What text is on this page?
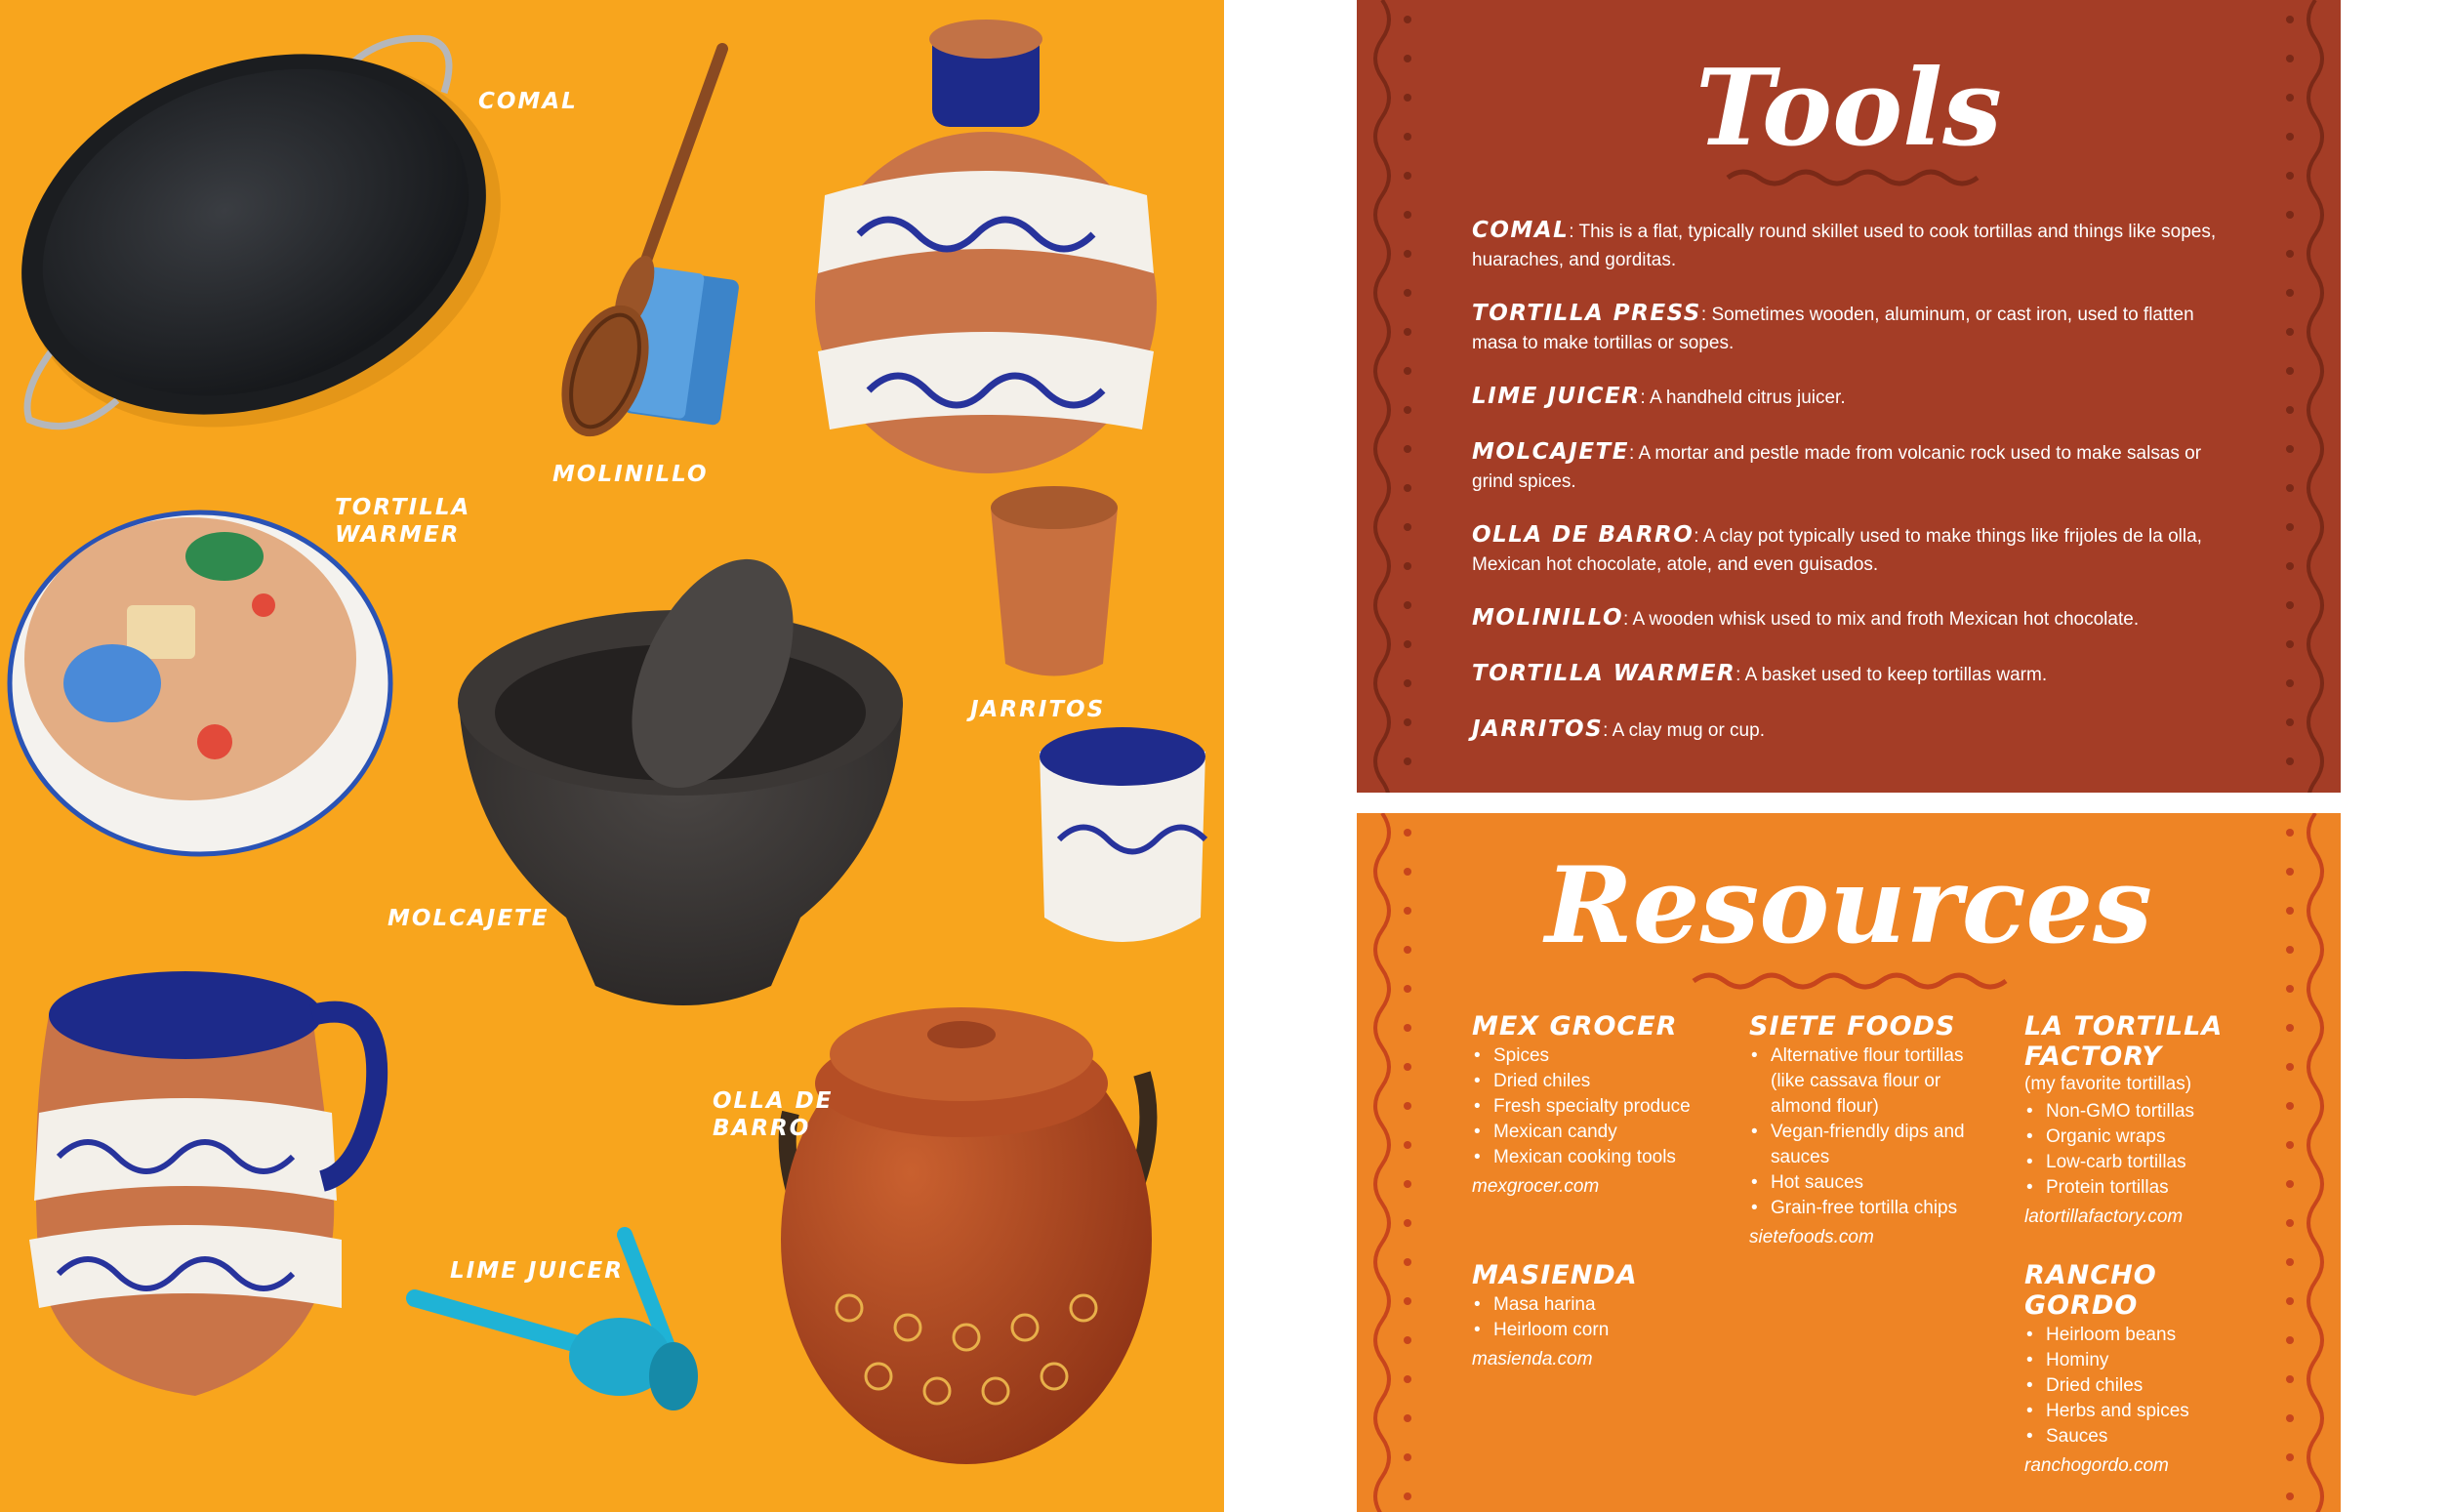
COMAL
MOLINILLO
TORTILLA
WARMER
JARRITOS
MOLCAJETE
OLLA DE
BARRO
LIME JUICER
Tools
COMAL: This is a flat, typically round skillet used to cook tortillas and things like sopes, huaraches, and gorditas.
TORTILLA PRESS: Sometimes wooden, aluminum, or cast iron, used to flatten masa to make tortillas or sopes.
LIME JUICER: A handheld citrus juicer.
MOLCAJETE: A mortar and pestle made from volcanic rock used to make salsas or grind spices.
OLLA DE BARRO: A clay pot typically used to make things like frijoles de la olla, Mexican hot chocolate, atole, and even guisados.
MOLINILLO: A wooden whisk used to mix and froth Mexican hot chocolate.
TORTILLA WARMER: A basket used to keep tortillas warm.
JARRITOS: A clay mug or cup.
Resources
MEX GROCER
• Spices
• Dried chiles
• Fresh specialty produce
• Mexican candy
• Mexican cooking tools
mexgrocer.com
SIETE FOODS
• Alternative flour tortillas (like cassava flour or almond flour)
• Vegan-friendly dips and sauces
• Hot sauces
• Grain-free tortilla chips
sietefoods.com
LA TORTILLA FACTORY
(my favorite tortillas)
• Non-GMO tortillas
• Organic wraps
• Low-carb tortillas
• Protein tortillas
latortillafactory.com
MASIENDA
• Masa harina
• Heirloom corn
masienda.com
RANCHO GORDO
• Heirloom beans
• Hominy
• Dried chiles
• Herbs and spices
• Sauces
ranchogordo.com
